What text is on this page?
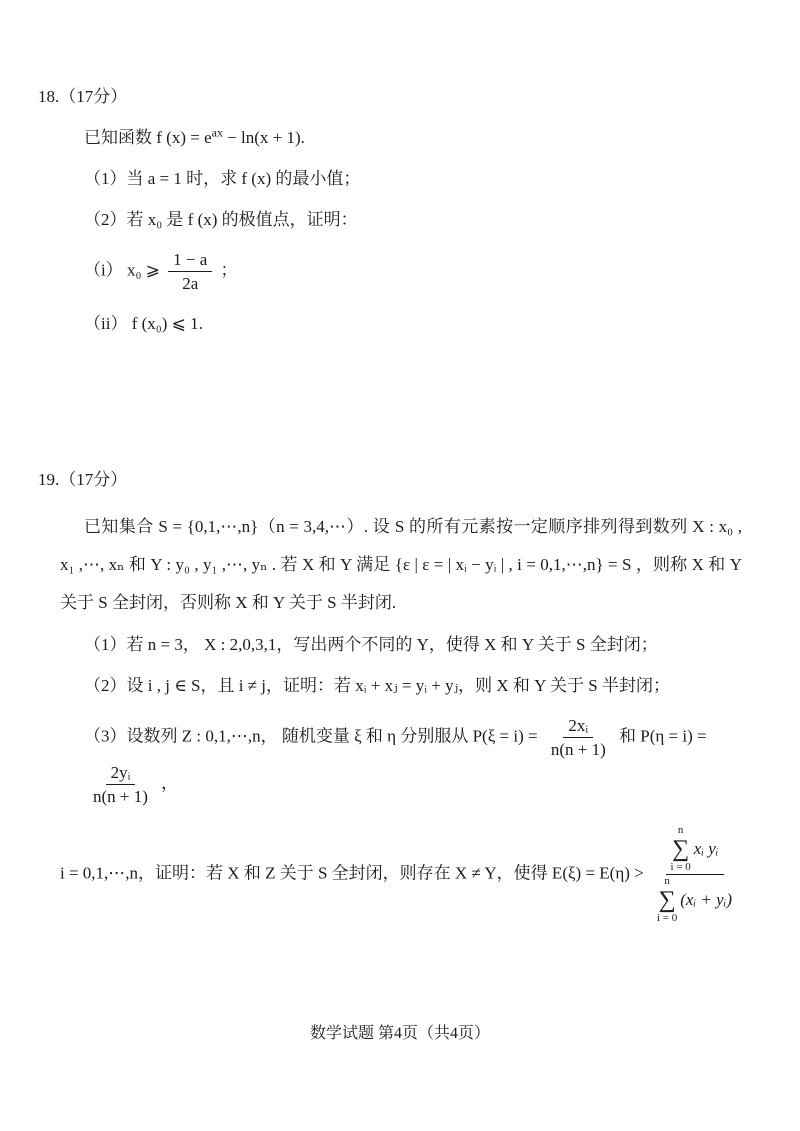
18.（17分）

已知函数 f $(x) = e^{ax} - \ln(x + 1)$.

（1）当 a = 1 时，求 f (x) 的最小值；

（2）若 x₀ 是 f (x) 的极值点，证明：

（i） x₀ ⩾ $\frac{1 - a}{2a}$ ；

（ii） f (x₀) ⩽ 1.

19.（17分）

已知集合 S = {0,1,⋯,n}（n = 3,4,⋯）. 设 S 的所有元素按一定顺序排列得到数列 X : x₀ , x₁ ,⋯, xₙ 和 Y : y₀ , y₁ ,⋯, yₙ . 若 X 和 Y 满足 {ε | ε = | xᵢ − yᵢ | , i = 0,1,⋯,n} = S ，则称 X 和 Y 关于 S 全封闭，否则称 X 和 Y 关于 S 半封闭.

（1）若 n = 3， X : 2,0,3,1，写出两个不同的 Y，使得 X 和 Y 关于 S 全封闭；

（2）设 i , j ∈ S，且 i ≠ j，证明：若 xᵢ + xⱼ = yᵢ + yⱼ，则 X 和 Y 关于 S 半封闭；

（3）设数列 Z : 0,1,⋯,n， 随机变量 ξ 和 η 分别服从 $P(\xi = i) = \frac{\text{2xᵢ}}{n(n + 1)}$ 和 P(η = i) =
$\frac{\text{2yᵢ}}{n(n + 1)}$ ，

i = 0,1,⋯,n，证明：若 X 和 Z 关于 S 全封闭，则存在 X ≠ Y，使得 E(ξ) = E(η) >
n
∑
i = 0
xᵢ yᵢ
n
∑
i = 0
(xᵢ + yᵢ)

数学试题 第4页（共4页）
